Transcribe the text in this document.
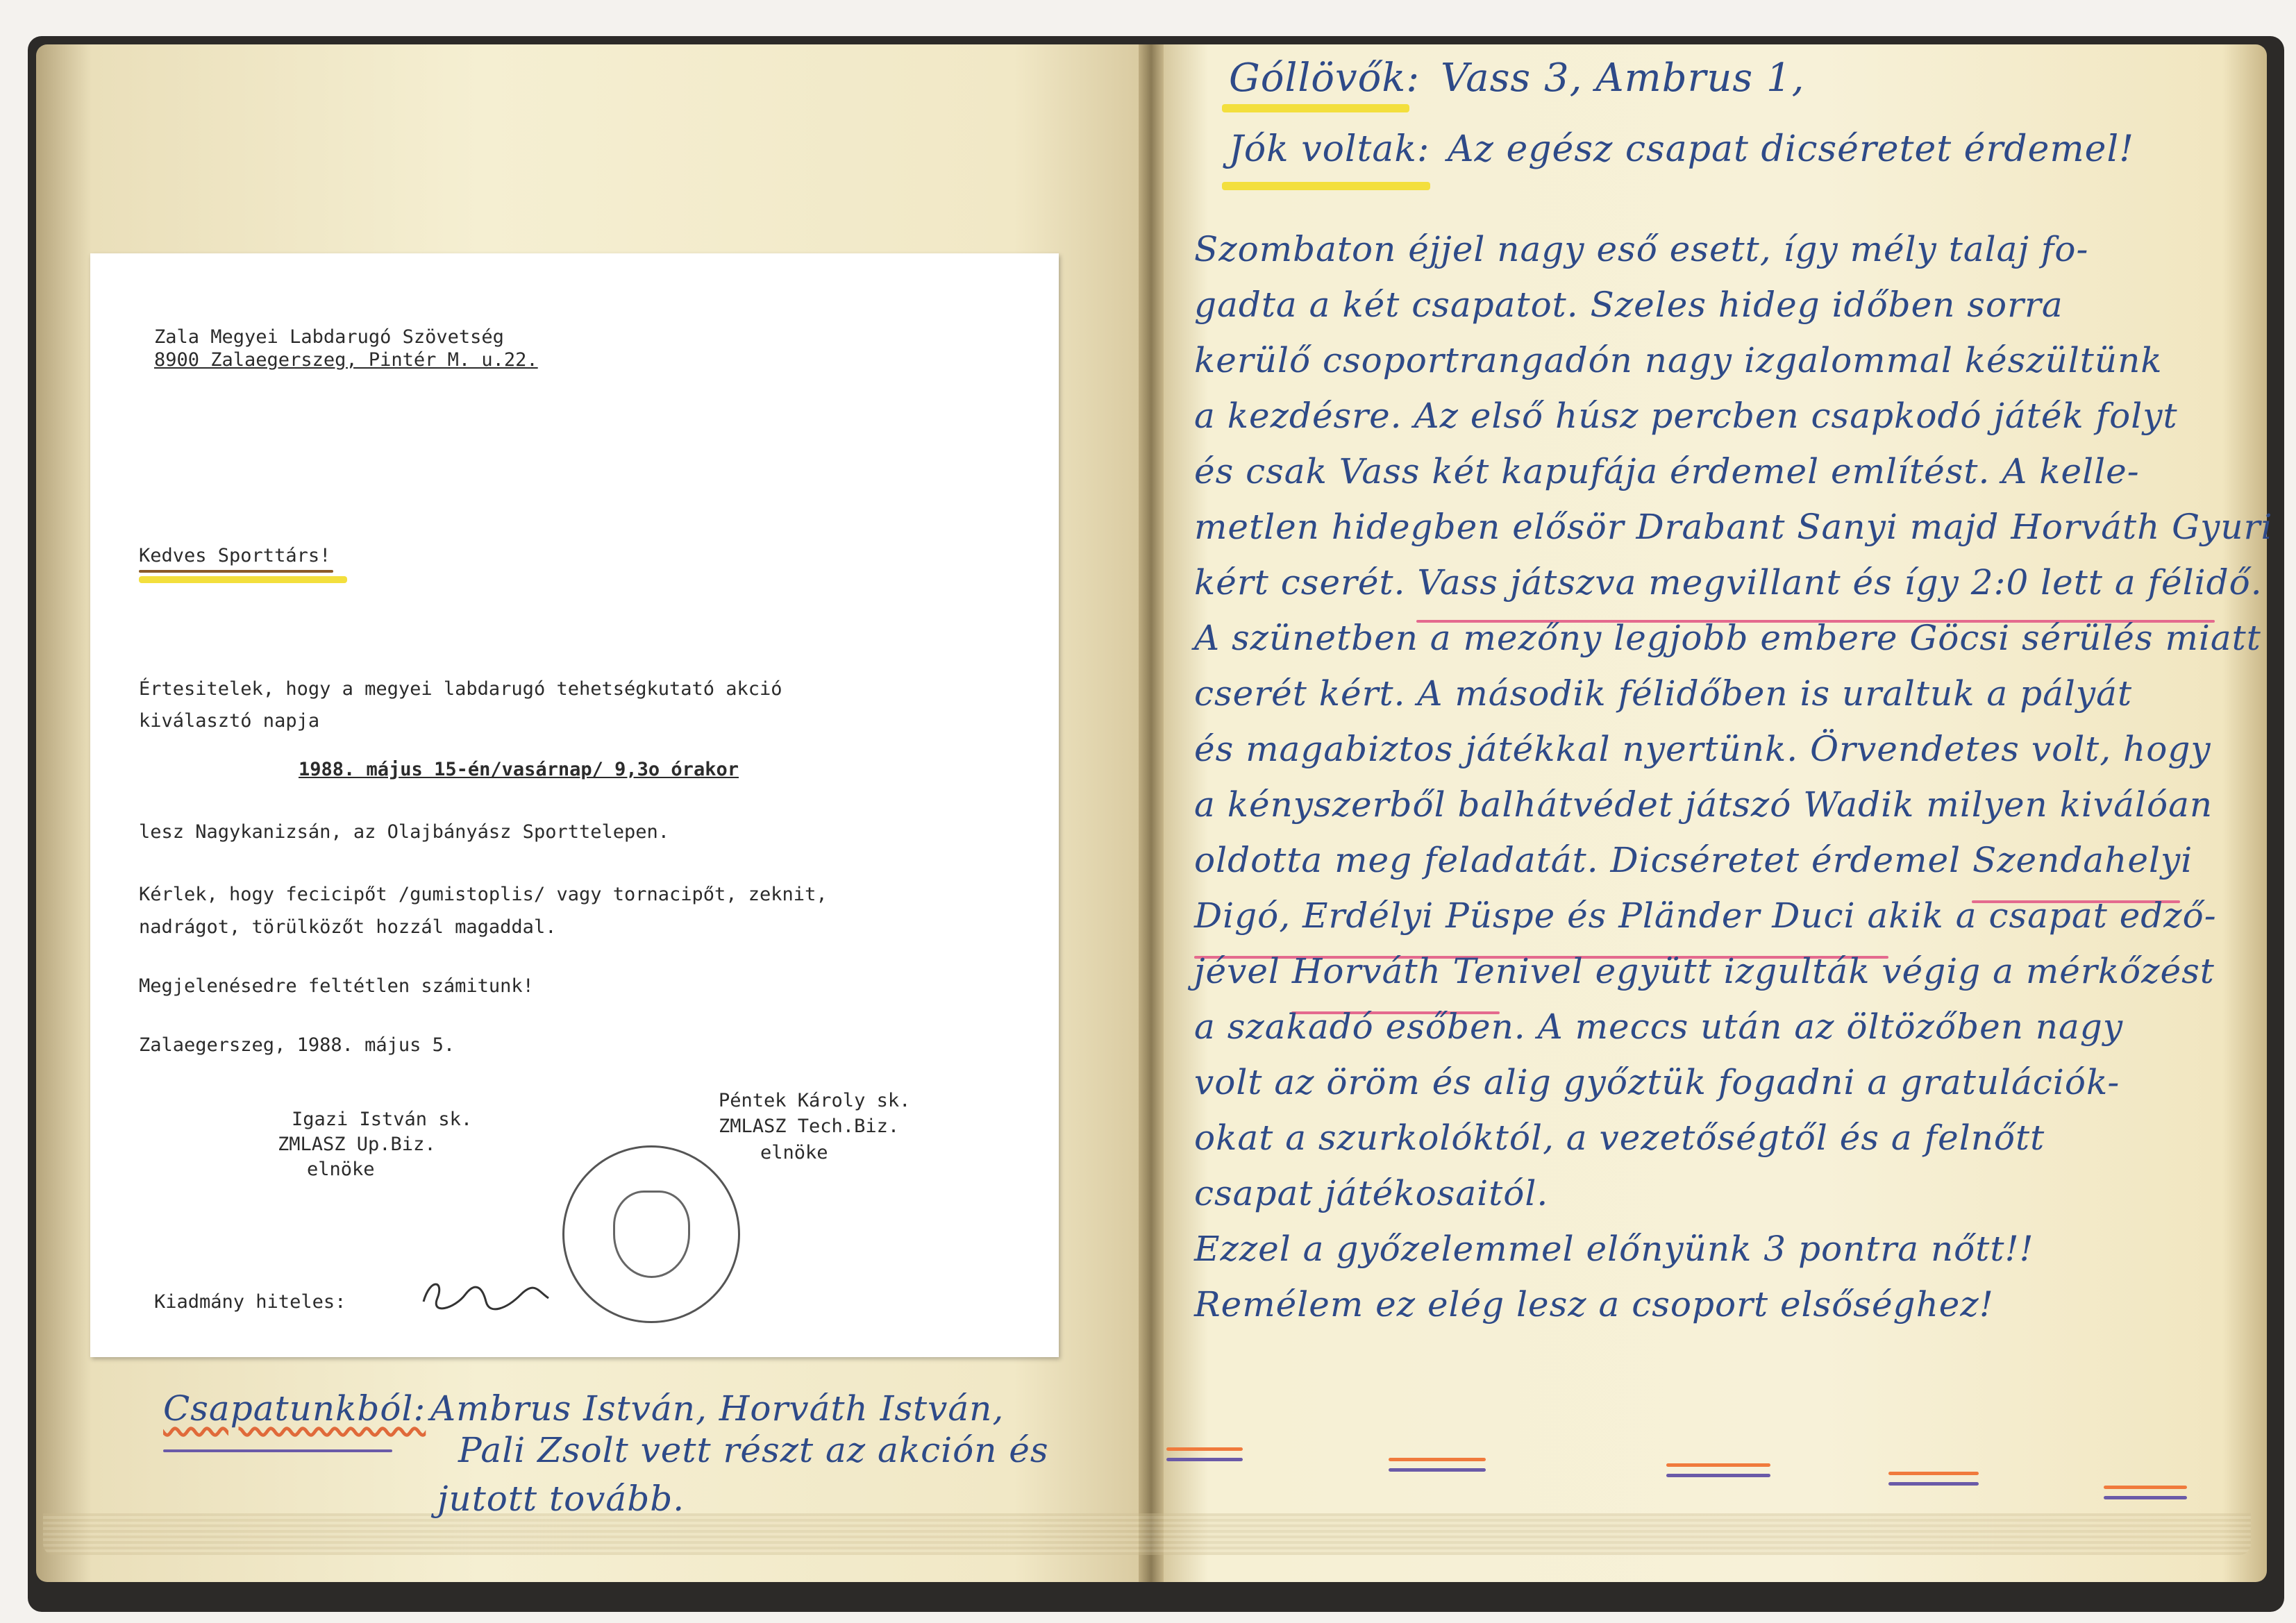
Zala Megyei Labdarugó Szövetség
8900 Zalaegerszeg, Pintér M. u.22.
Kedves Sporttárs!
Értesitelek, hogy a megyei labdarugó tehetségkutató akció
kiválasztó napja
1988. május 15-én/vasárnap/ 9,3o órakor
lesz Nagykanizsán, az Olajbányász Sporttelepen.
Kérlek, hogy fecicipőt /gumistoplis/ vagy tornacipőt, zeknit,
nadrágot, törülközőt hozzál magaddal.
Megjelenésedre feltétlen számitunk!
Zalaegerszeg, 1988. május 5.
Igazi István sk.
ZMLASZ Up.Biz.
elnöke
Péntek Károly sk.
ZMLASZ Tech.Biz.
elnöke
Kiadmány hiteles:
Csapatunkból: Ambrus István, Horváth István,
Pali Zsolt vett részt az akción és
jutott tovább.
Góllövők: Vass 3, Ambrus 1,
Jók voltak: Az egész csapat dicséretet érdemel!
Szombaton éjjel nagy eső esett, így mély talaj fo-
gadta a két csapatot. Szeles hideg időben sorra
kerülő csoportrangadón nagy izgalommal készültünk
a kezdésre. Az első húsz percben csapkodó játék folyt
és csak Vass két kapufája érdemel említést. A kelle-
metlen hidegben elősör Drabant Sanyi majd Horváth Gyuri
kért cserét. Vass játszva megvillant és így 2:0 lett a félidő.
A szünetben a mezőny legjobb embere Göcsi sérülés miatt
cserét kért. A második félidőben is uraltuk a pályát
és magabiztos játékkal nyertünk. Örvendetes volt, hogy
a kényszerből balhátvédet játszó Wadik milyen kiválóan
oldotta meg feladatát. Dicséretet érdemel Szendahelyi
Digó, Erdélyi Püspe és Pländer Duci akik a csapat edző-
jével Horváth Tenivel együtt izgulták végig a mérkőzést
a szakadó esőben. A meccs után az öltözőben nagy
volt az öröm és alig győztük fogadni a gratulációk-
okat a szurkolóktól, a vezetőségtől és a felnőtt
csapat játékosaitól.
Ezzel a győzelemmel előnyünk 3 pontra nőtt!!
Remélem ez elég lesz a csoport elsőséghez!
